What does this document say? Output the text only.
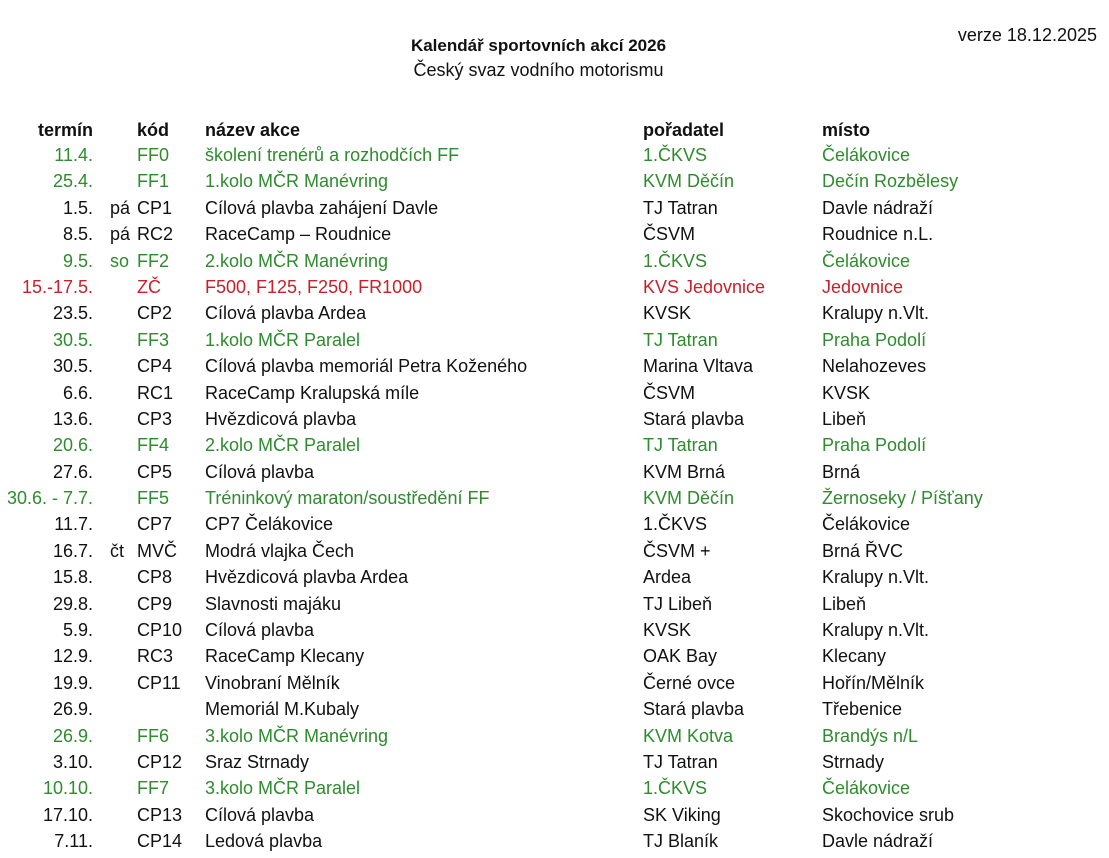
verze 18.12.2025
Kalendář sportovních akcí 2026
Český svaz vodního motorismu
termín kód název akce	pořadatel	místo
11.4. FF0 školení trenérů a rozhodčích FF	1.ČKVS	Čelákovice
25.4. FF1 1.kolo MČR Manévring	KVM Děčín	Dečín Rozbělesy
1.5. pá CP1 Cílová plavba zahájení Davle	TJ Tatran	Davle nádraží
8.5. pá RC2 RaceCamp – Roudnice	ČSVM	Roudnice n.L.
9.5. so FF2 2.kolo MČR Manévring	1.ČKVS	Čelákovice
15.-17.5. ZČ F500, F125, F250, FR1000	KVS Jedovnice	Jedovnice
23.5. CP2 Cílová plavba Ardea	KVSK	Kralupy n.Vlt.
30.5. FF3 1.kolo MČR Paralel	TJ Tatran	Praha Podolí
30.5. CP4 Cílová plavba memoriál Petra Koženého	Marina Vltava	Nelahozeves
6.6. RC1 RaceCamp Kralupská míle	ČSVM	KVSK
13.6. CP3 Hvězdicová plavba	Stará plavba	Libeň
20.6. FF4 2.kolo MČR Paralel	TJ Tatran	Praha Podolí
27.6. CP5 Cílová plavba	KVM Brná	Brná
30.6. - 7.7. FF5 Tréninkový maraton/soustředění FF	KVM Děčín	Žernoseky / Píšťany
11.7. CP7 CP7 Čelákovice	1.ČKVS	Čelákovice
16.7. čt MVČ Modrá vlajka Čech	ČSVM +	Brná ŘVC
15.8. CP8 Hvězdicová plavba Ardea	Ardea	Kralupy n.Vlt.
29.8. CP9 Slavnosti majáku	TJ Libeň	Libeň
5.9. CP10 Cílová plavba	KVSK	Kralupy n.Vlt.
12.9. RC3 RaceCamp Klecany	OAK Bay	Klecany
19.9. CP11 Vinobraní Mělník	Černé ovce	Hořín/Mělník
26.9.	Memoriál M.Kubaly	Stará plavba	Třebenice
26.9. FF6 3.kolo MČR Manévring	KVM Kotva	Brandýs n/L
3.10. CP12 Sraz Strnady	TJ Tatran	Strnady
10.10. FF7 3.kolo MČR Paralel	1.ČKVS	Čelákovice
17.10. CP13 Cílová plavba	SK Viking	Skochovice srub
7.11. CP14 Ledová plavba	TJ Blaník	Davle nádraží
